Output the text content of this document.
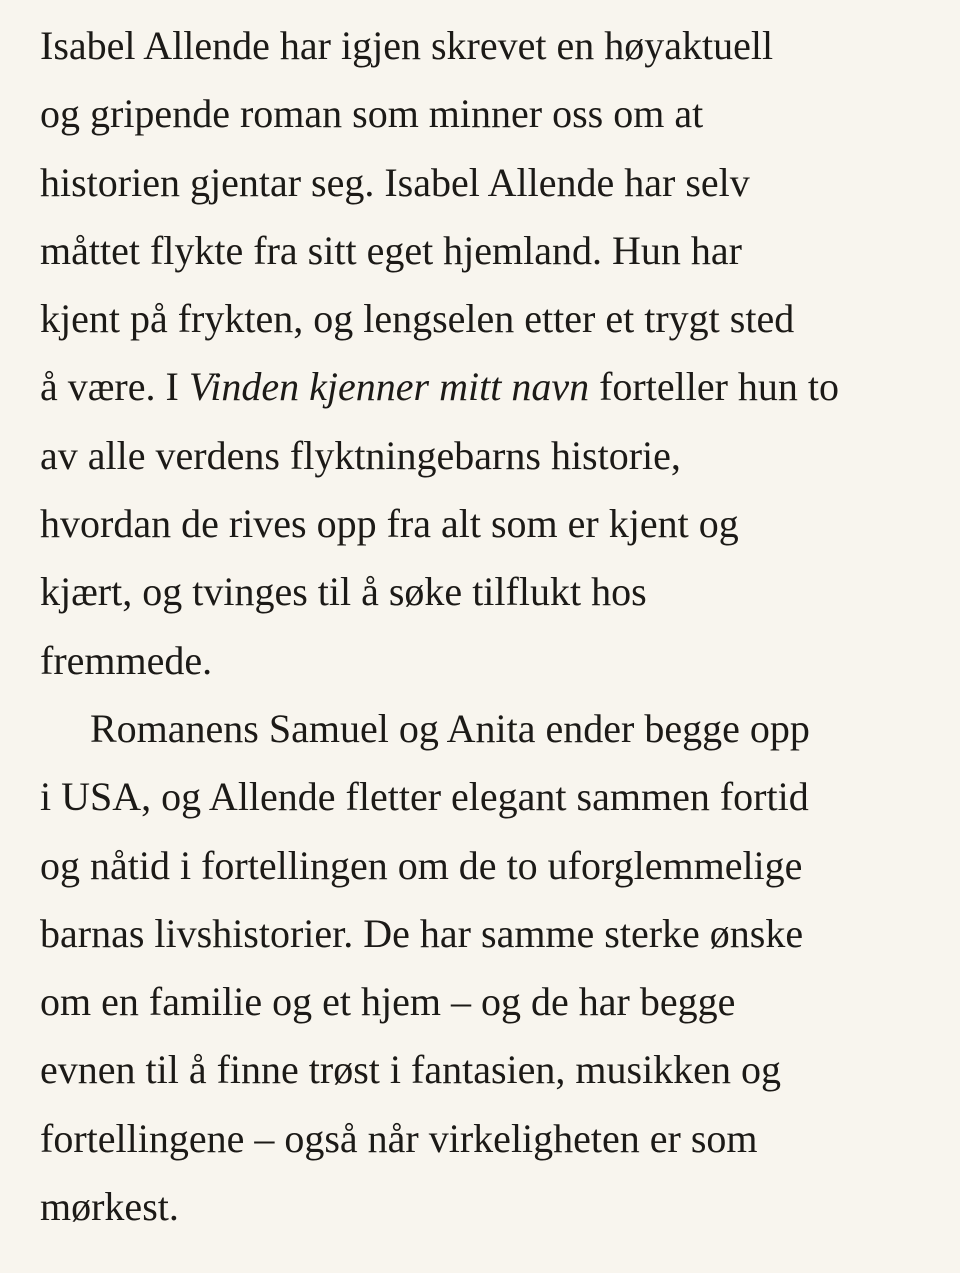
Isabel Allende har igjen skrevet en høyaktuell
og gripende roman som minner oss om at
historien gjentar seg. Isabel Allende har selv
måttet flykte fra sitt eget hjemland. Hun har
kjent på frykten, og lengselen etter et trygt sted
å være. I Vinden kjenner mitt navn forteller hun to
av alle verdens flyktningebarns historie,
hvordan de rives opp fra alt som er kjent og
kjært, og tvinges til å søke tilflukt hos
fremmede.

Romanens Samuel og Anita ender begge opp
i USA, og Allende fletter elegant sammen fortid
og nåtid i fortellingen om de to uforglemmelige
barnas livshistorier. De har samme sterke ønske
om en familie og et hjem – og de har begge
evnen til å finne trøst i fantasien, musikken og
fortellingene – også når virkeligheten er som
mørkest.
